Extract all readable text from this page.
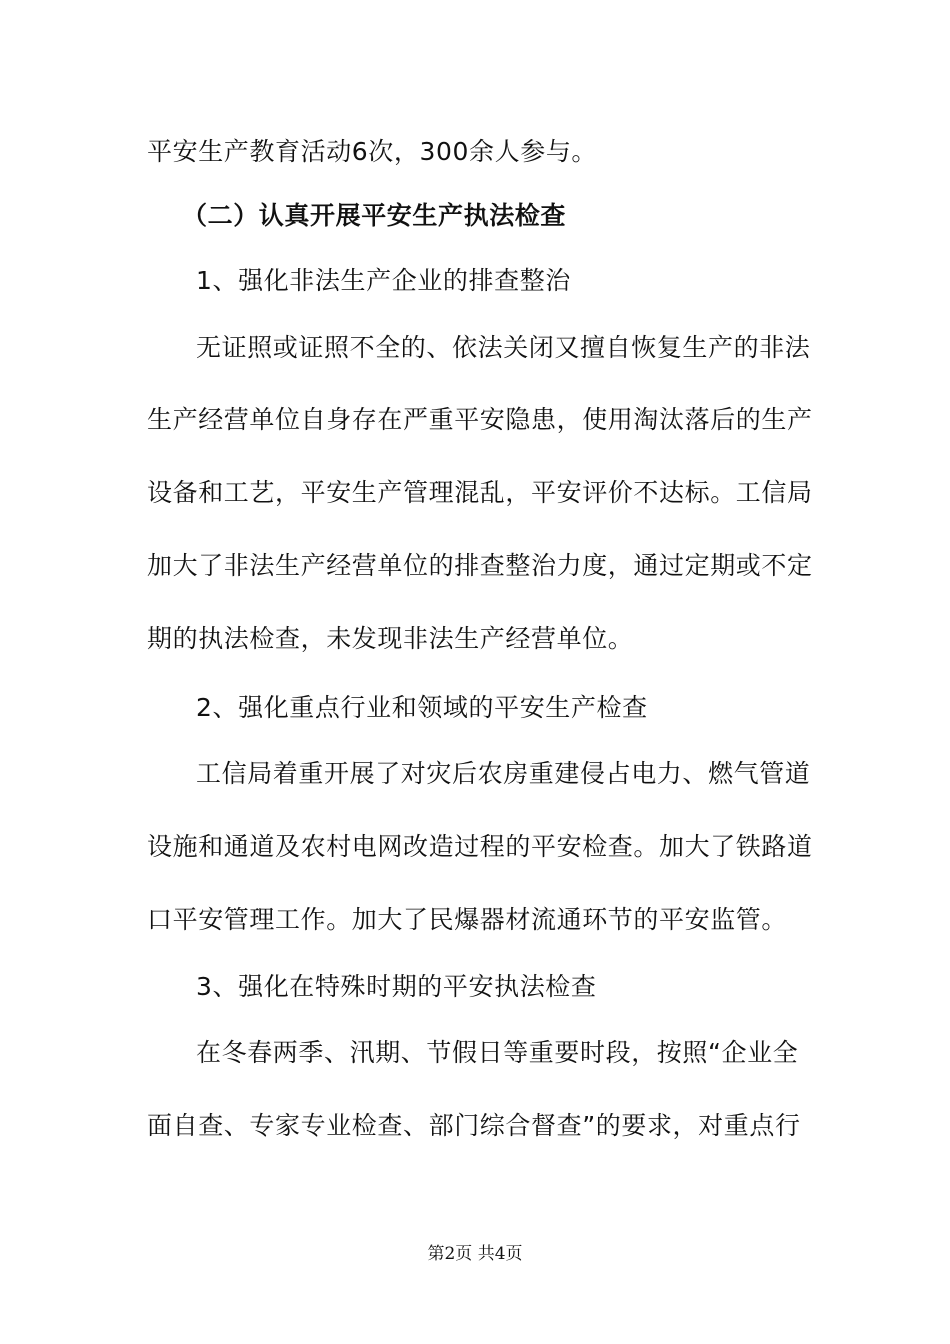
平安生产教育活动6次，300余人参与。
（二）认真开展平安生产执法检查
1、强化非法生产企业的排查整治
无证照或证照不全的、依法关闭又擅自恢复生产的非法
生产经营单位自身存在严重平安隐患，使用淘汰落后的生产
设备和工艺，平安生产管理混乱，平安评价不达标。工信局
加大了非法生产经营单位的排查整治力度，通过定期或不定
期的执法检查，未发现非法生产经营单位。
2、强化重点行业和领域的平安生产检查
工信局着重开展了对灾后农房重建侵占电力、燃气管道
设施和通道及农村电网改造过程的平安检查。加大了铁路道
口平安管理工作。加大了民爆器材流通环节的平安监管。
3、强化在特殊时期的平安执法检查
在冬春两季、汛期、节假日等重要时段，按照“企业全
面自查、专家专业检查、部门综合督查”的要求，对重点行
第2页 共4页
